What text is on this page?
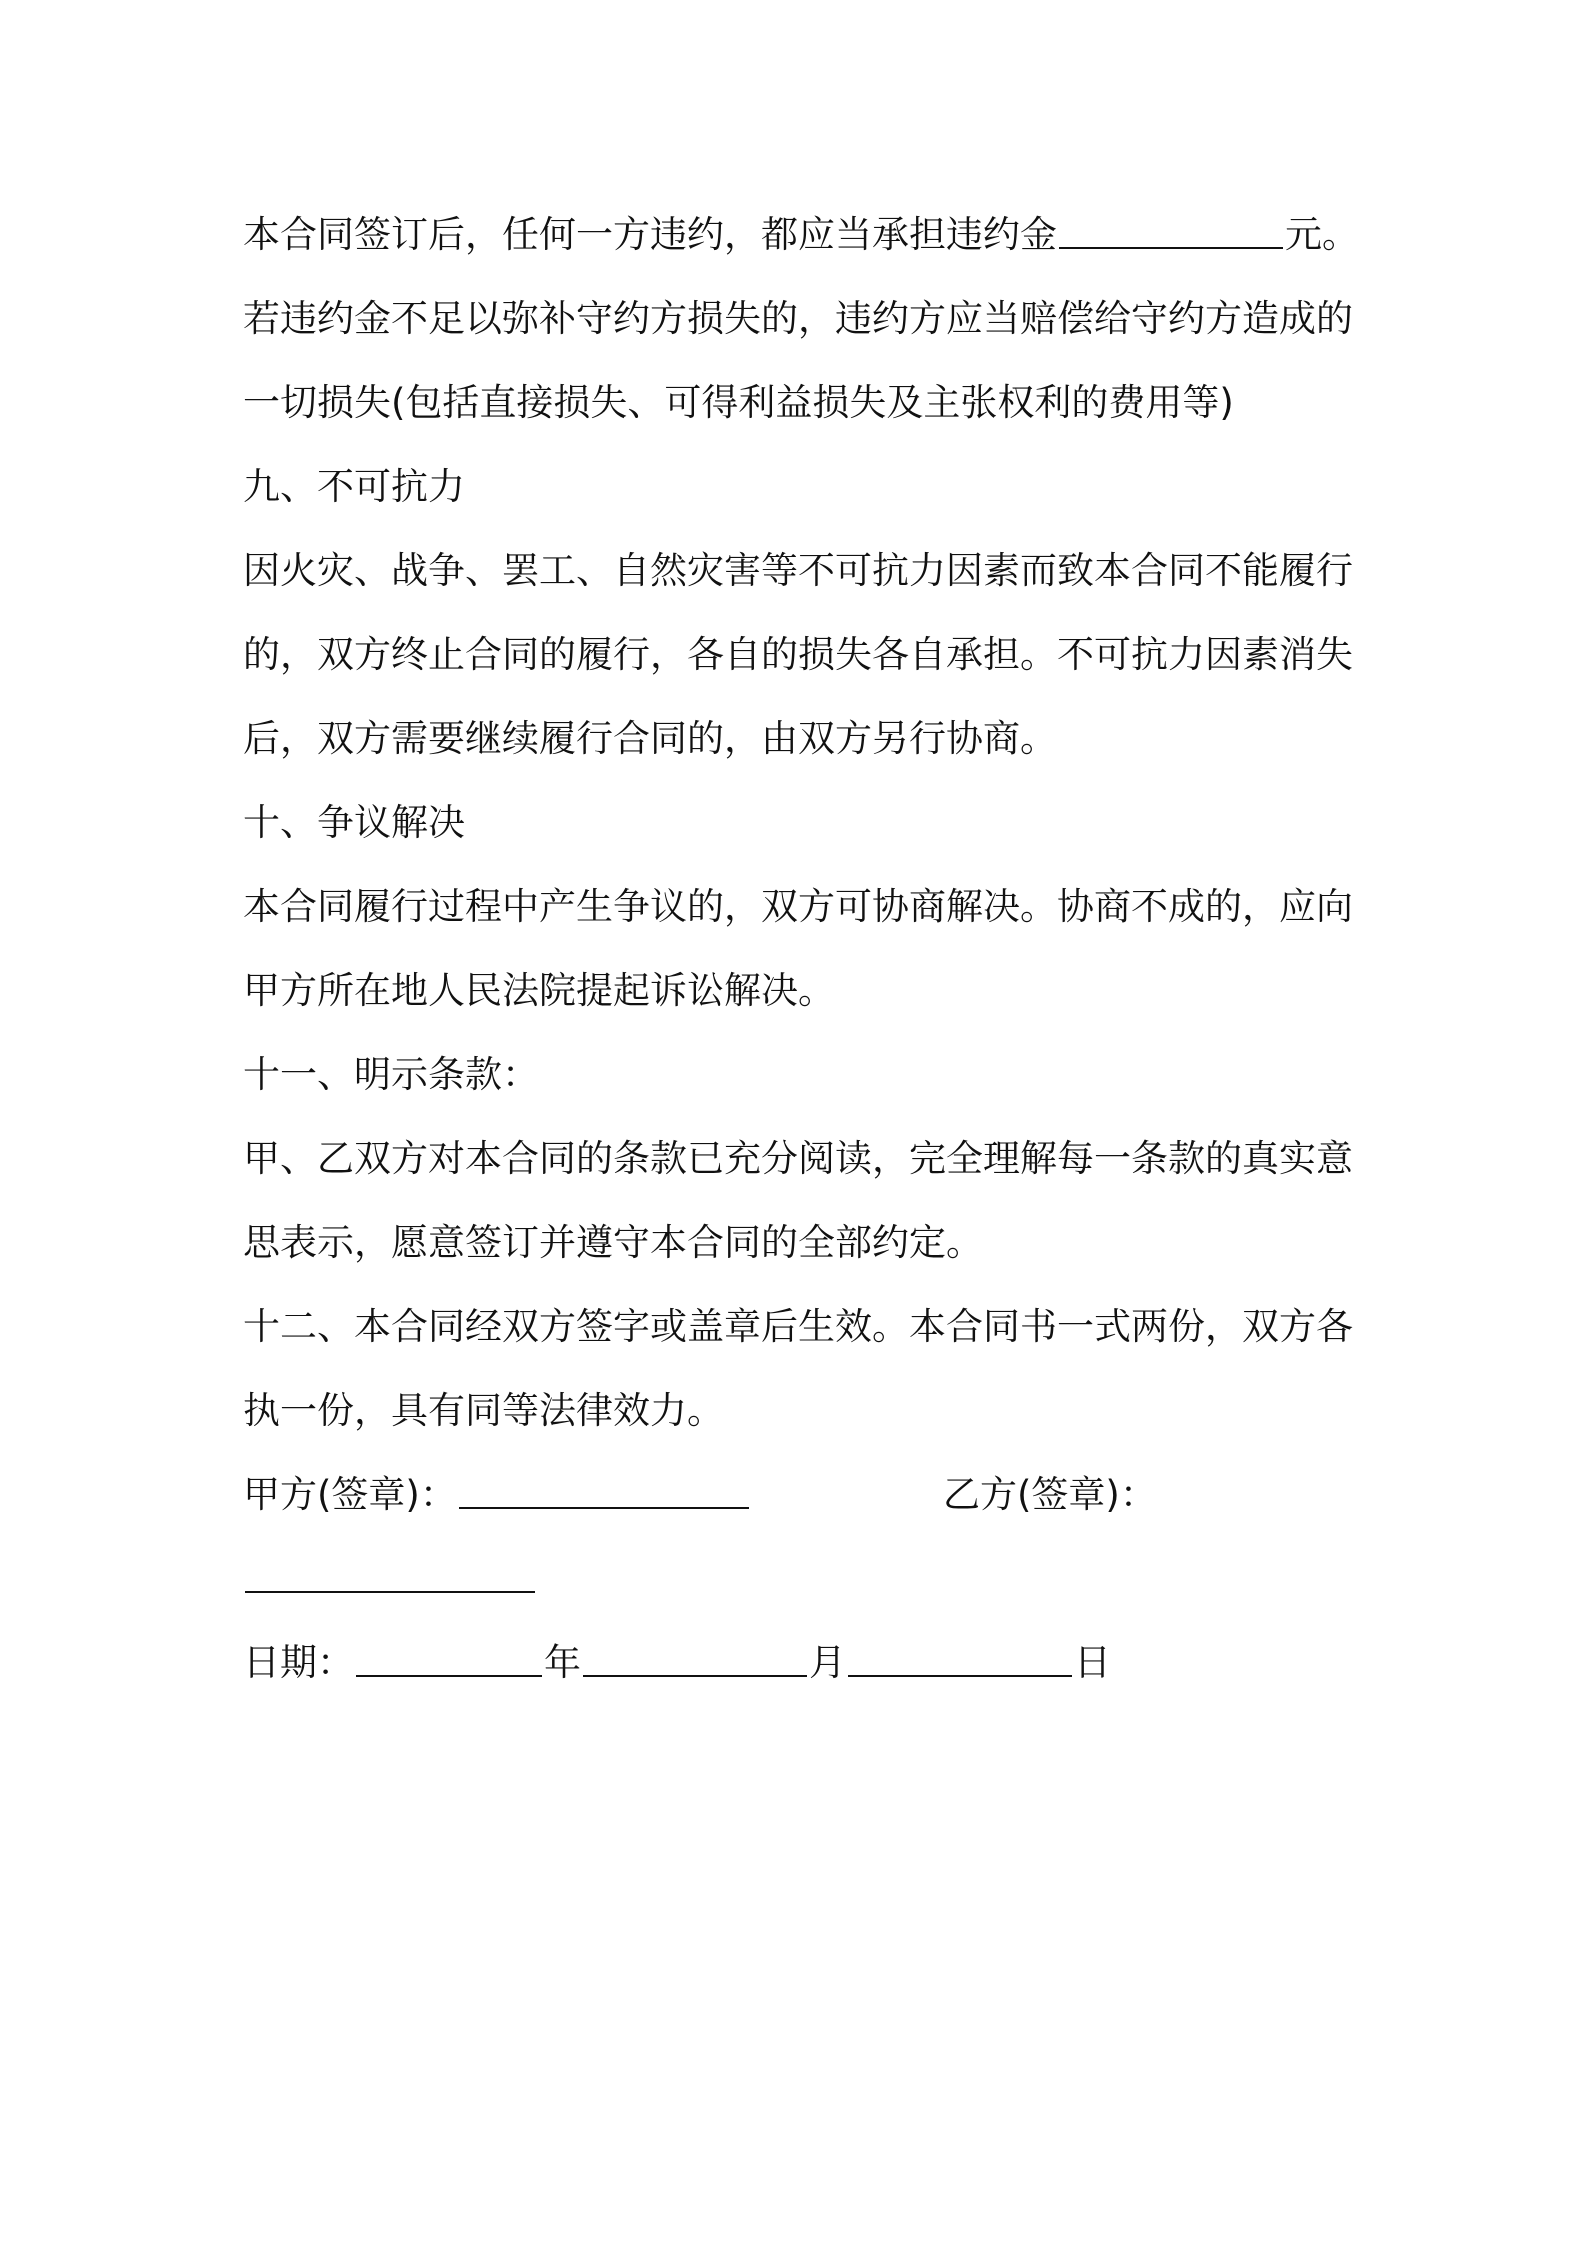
本合同签订后，任何一方违约，都应当承担违约金	元。
若违约金不足以弥补守约方损失的，违约方应当赔偿给守约方造成的
一切损失(包括直接损失、可得利益损失及主张权利的费用等)
九、不可抗力
因火灾、战争、罢工、自然灾害等不可抗力因素而致本合同不能履行
的，双方终止合同的履行，各自的损失各自承担。不可抗力因素消失
后，双方需要继续履行合同的，由双方另行协商。
十、争议解决
本合同履行过程中产生争议的，双方可协商解决。协商不成的，应向
甲方所在地人民法院提起诉讼解决。
十一、明示条款：
甲、乙双方对本合同的条款已充分阅读，完全理解每一条款的真实意
思表示，愿意签订并遵守本合同的全部约定。
十二、本合同经双方签字或盖章后生效。本合同书一式两份，双方各
执一份，具有同等法律效力。
甲方(签章)：	乙方(签章)：
日期：	年	月	日
